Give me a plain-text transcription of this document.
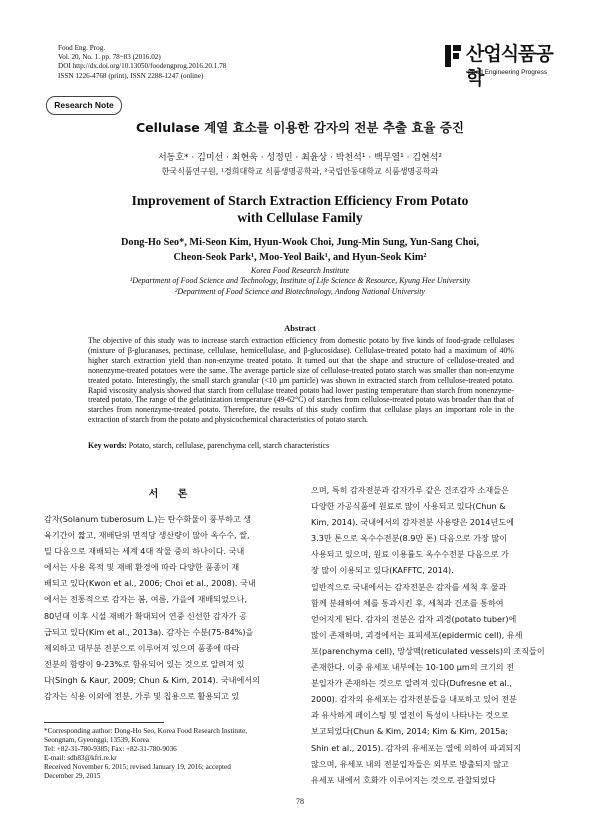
Food Eng. Prog.
Vol. 20, No. 1. pp. 78~83 (2016.02)
DOI http://dx.doi.org/10.13050/foodengprog.2016.20.1.78
ISSN 1226-4768 (print), ISSN 2288-1247 (online)
산업식품공학
Food Engineering Progress
Research Note
Cellulase 계열 효소를 이용한 감자의 전분 추출 효율 증진
서동호* · 김미선 · 최현욱 · 성정민 · 최윤상 · 박천석¹ · 백무열¹ · 김현석²
한국식품연구원, ¹경희대학교 식품생명공학과, ²국립안동대학교 식품생명공학과
Improvement of Starch Extraction Efficiency From Potato
with Cellulase Family
Dong-Ho Seo*, Mi-Seon Kim, Hyun-Wook Choi, Jung-Min Sung, Yun-Sang Choi,
Cheon-Seok Park¹, Moo-Yeol Baik¹, and Hyun-Seok Kim²
Korea Food Research Institute
¹Department of Food Science and Technology, Institute of Life Science & Resource, Kyung Hee University
²Department of Food Science and Biotechnology, Andong National University
Abstract
The objective of this study was to increase starch extraction efficiency from domestic potato by five kinds of food-grade cellulases (mixture of β-glucanases, pectinase, cellulase, hemicellulase, and β-glucosidase). Cellulase-treated potato had a maximum of 40% higher starch extraction yield than non-enzyme treated potato. It turned out that the shape and structure of cellulose-treated and nonenzyme-treated potatoes were the same. The average particle size of cellulose-treated potato starch was smaller than non-enzyme treated potato. Interestingly, the small starch granular (<10 μm particle) was shown in extracted starch from cellulose-treated potato. Rapid viscosity analysis showed that starch from cellulase treated potato had lower pasting temperature than starch from nonenzyme-treated potato. The range of the gelatinization temperature (49-62°C) of starches from cellulose-treated potato was broader than that of starches from nonenzyme-treated potato. Therefore, the results of this study confirm that cellulase plays an important role in the extraction of starch from the potato and physicochemical characteristics of potato starch.
Key words: Potato, starch, cellulase, parenchyma cell, starch characteristics
서 론
감자(Solanum tuberosum L.)는 탄수화물이 풍부하고 생
육기간이 짧고, 재배단위 면적당 생산량이 많아 옥수수, 쌀,
밀 다음으로 재배되는 세계 4대 작물 중의 하나이다. 국내
에서는 사용 목적 및 재배 환경에 따라 다양한 품종이 재
배되고 있다(Kwon et al., 2006; Choi et al., 2008). 국내
에서는 전통적으로 감자는 봄, 여름, 가을에 재배되었으나,
80년대 이후 시설 재배가 확대되어 연중 신선한 감자가 공
급되고 있다(Kim et al., 2013a). 감자는 수분(75-84%)을
제외하고 대부분 전분으로 이루어져 있으며 품종에 따라
전분의 함량이 9-23%로 함유되어 있는 것으로 알려져 있
다(Singh & Kaur, 2009; Chun & Kim, 2014). 국내에서의
감자는 식용 이외에 전분, 가루 및 칩용으로 활용되고 있
으며, 특히 감자전분과 감자가루 같은 건조감자 소재들은
다양한 가공식품에 원료로 많이 사용되고 있다(Chun &
Kim, 2014). 국내에서의 감자전분 사용량은 2014년도에
3.3만 톤으로 옥수수전분(8.9만 톤) 다음으로 가장 많이
사용되고 있으며, 원료 이용률도 옥수수전분 다음으로 가
장 많이 이용되고 있다(KAFFTC, 2014).
일반적으로 국내에서는 감자전분은 감자를 세척 후 물과
함께 분쇄하여 체를 통과시킨 후, 세척과 건조를 통하여
얻어지게 된다. 감자의 전분은 감자 괴경(potato tuber)에
많이 존재하며, 괴경에서는 표피세포(epidermic cell), 유세
포(parenchyma cell), 망상맥(reticulated vessels)의 조직들이
존재한다. 이중 유세포 내부에는 10-100 μm의 크기의 전
분입자가 존재하는 것으로 알려져 있다(Dufresne et al.,
2000). 감자의 유세포는 감자전분들을 내포하고 있어 전분
과 유사하게 페이스팅 및 열전이 특성이 나타나는 것으로
보고되었다(Chun & Kim, 2014; Kim & Kim, 2015a;
Shin et al., 2015). 감자의 유세포는 열에 의하여 파괴되지
않으며, 유세포 내의 전분입자들은 외부로 방출되지 않고
유세포 내에서 호화가 이루어지는 것으로 관찰되었다
*Corresponding author: Dong-Ho Seo, Korea Food Research Institute,
Seongnam, Gyeonggi, 13539, Korea
Tel: +82-31-780-9385; Fax: +82-31-780-9036
E-mail: sdh83@kfri.re.kr
Received November 6, 2015; revised January 19, 2016; accepted
December 29, 2015
78
